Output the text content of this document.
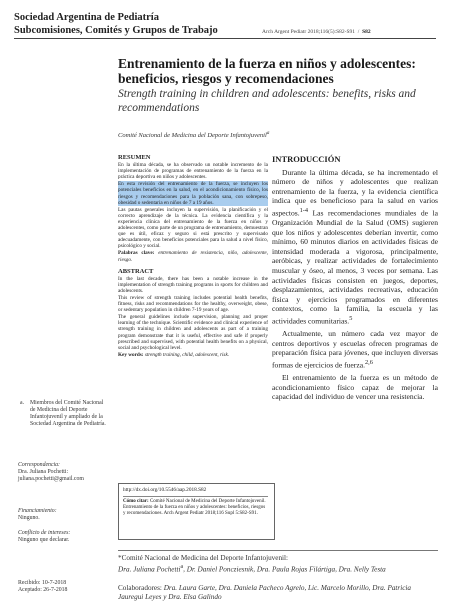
Sociedad Argentina de Pediatría
Subcomisiones, Comités y Grupos de Trabajo	Arch Argent Pediatr 2018;116(5):S82-S91  /  S82
Entrenamiento de la fuerza en niños y adolescentes: beneficios, riesgos y recomendaciones
Strength training in children and adolescents: benefits, risks and recommendations
Comité Nacional de Medicina del Deporte Infantojuvenil$^a$
RESUMEN

En la última década, se ha observado un notable incremento de la implementación de programas de entrenamiento de la fuerza en la práctica deportiva en niños y adolescentes.

En esta revisión del entrenamiento de la fuerza, se incluyen los potenciales beneficios en la salud, en el acondicionamiento físico, los riesgos y recomendaciones para la población sana, con sobrepeso, obesidad o sedentaria en niños de 7 a 19 años.

Las pautas generales incluyen la supervisión, la planificación y el correcto aprendizaje de la técnica. La evidencia científica y la experiencia clínica del entrenamiento de la fuerza en niños y adolescentes, como parte de un programa de entrenamiento, demuestran que es útil, eficaz y seguro si está prescrito y supervisado adecuadamente, con beneficios potenciales para la salud a nivel físico, psicológico y social.

Palabras clave: entrenamiento de resistencia, niño, adolescente, riesgo.

ABSTRACT

In the last decade, there has been a notable increase in the implementation of strength training programs in sports for children and adolescents.

This review of strength training includes potential health benefits, fitness, risks and recommendations for the healthy, overweight, obese, or sedentary population in children 7-19 years of age.

The general guidelines include supervision, planning and proper learning of the technique. Scientific evidence and clinical experience of strength training in children and adolescents as part of a training program demonstrate that it is useful, effective and safe if properly prescribed and supervised, with potential health benefits on a physical, social and psychological level.

Key words: strength training, child, adolescent, risk.

INTRODUCCIÓN

Durante la última década, se ha incrementado el número de niños y adolescentes que realizan entrenamiento de la fuerza, y la evidencia científica indica que es beneficioso para la salud en varios aspectos.$^{1-4}$ Las recomendaciones mundiales de la Organización Mundial de la Salud (OMS) sugieren que los niños y adolescentes deberían invertir, como mínimo, 60 minutos diarios en actividades físicas de intensidad moderada a vigorosa, principalmente, aeróbicas, y realizar actividades de fortalecimiento muscular y óseo, al menos, 3 veces por semana. Las actividades físicas consisten en juegos, deportes, desplazamientos, actividades recreativas, educación física y ejercicios programados en diferentes contextos, como la familia, la escuela y las actividades comunitarias.$^5$

Actualmente, un número cada vez mayor de centros deportivos y escuelas ofrecen programas de preparación física para jóvenes, que incluyen diversas formas de ejercicios de fuerza.$^{2,6}$

El entrenamiento de la fuerza es un método de acondicionamiento físico capaz de mejorar la capacidad del individuo de vencer una resistencia.

a. Miembros del Comité Nacional de Medicina del Deporte Infantojuvenil y ampliado de la Sociedad Argentina de Pediatría.
Correspondencia:
Dra. Juliana Pochetti: juliana.pochetti@gmail.com
Financiamiento:
Ninguno.
Conflicto de intereses:
Ninguno que declarar.
Recibido: 10-7-2018
Aceptado: 26-7-2018
http://dx.doi.org/10.5546/aap.2018.S82
Cómo citar: Comité Nacional de Medicina del Deporte Infantojuvenil. Entrenamiento de la fuerza en niños y adolescentes: beneficios, riesgos y recomendaciones. Arch Argent Pediatr 2018;116 Supl 5:S82-S91.
*Comité Nacional de Medicina del Deporte Infantojuvenil:
Dra. Juliana Pochetti$^a$, Dr. Daniel Poncziesnik, Dra. Paula Rojas Filártiga, Dra. Nelly Testa
Colaboradores: Dra. Laura Garte, Dra. Daniela Pacheco Agrelo, Lic. Marcelo Morillo, Dra. Patricia Jauregui Leyes y Dra. Elsa Galindo
